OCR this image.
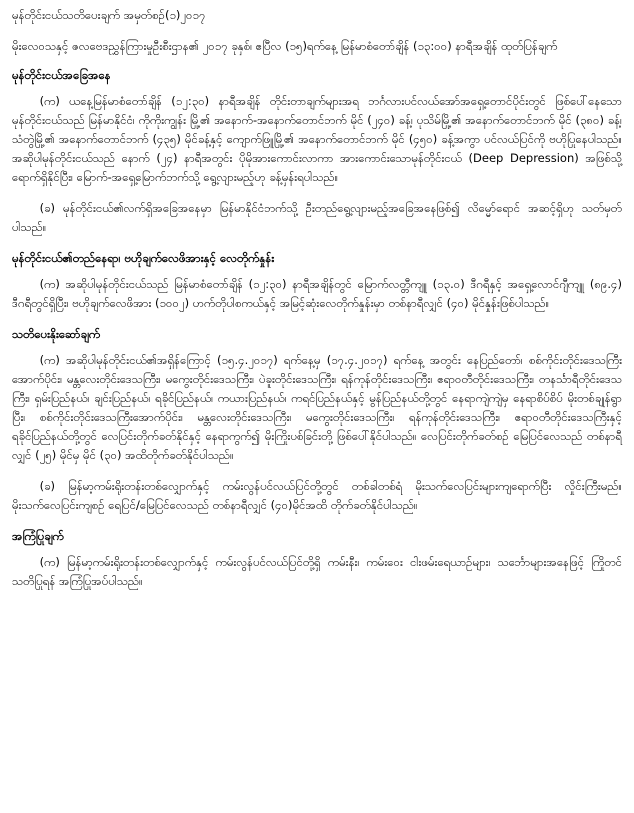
မုန်တိုင်းငယ်သတိပေးချက် အမှတ်စဉ်(၁)၂၀၁၇
မိုးလေဝသနှင့် ဇလဗေဒညွှန်ကြားမှုဦးစီးဌာန၏ ၂၀၁၇ ခုနှစ်၊ ဧပြီလ (၁၅)ရက်နေ့ မြန်မာစံတော်ချိန် (၁၃:၀၀) နာရီအချိန် ထုတ်ပြန်ချက်
မုန်တိုင်းငယ်အခြေအနေ
(က) ယနေ့မြန်မာစံတော်ချိန် (၁၂:၃၀) နာရီအချိန် တိုင်းတာချက်များအရ ဘင်္ဂလားပင်လယ်အော်အရှေ့တောင်ပိုင်းတွင် ဖြစ်ပေါ်နေသော မုန်တိုင်းငယ်သည် မြန်မာနိုင်ငံ၊ ကိုကိုးကျွန်း မြို့၏ အနောက်-အနောက်တောင်ဘက် မိုင် (၂၄၀) ခန့်၊ ပုသိမ်မြို့၏ အနောက်တောင်ဘက် မိုင် (၃၈၀) ခန့်၊ သံတွဲမြို့၏ အနောက်တောင်ဘက် (၄၃၅) မိုင်ခန့်နှင့် ကျောက်ဖြူမြို့၏ အနောက်တောင်ဘက် မိုင် (၄၅၀) ခန့်အကွာ ပင်လယ်ပြင်ကို ဗဟိုပြုနေပါသည်။ အဆိုပါမုန်တိုင်းငယ်သည် နောက် (၂၄) နာရီအတွင်း ပိုမိုအားကောင်းလာကာ အားကောင်းသောမုန်တိုင်းငယ် (Deep Depression) အဖြစ်သို့ ရောက်ရှိနိုင်ပြီး၊ မြောက်-အရှေ့မြောက်ဘက်သို့ ရွေ့လျားမည့်ဟု ခန့်မှန်းရပါသည်။
(ခ) မုန်တိုင်းငယ်၏လက်ရှိအခြေအနေမှာ မြန်မာနိုင်ငံဘက်သို့ ဦးတည်ရွေ့လျားမည့်အခြေအနေဖြစ်၍ လိမ္မော်ရောင် အဆင့်ရှိဟု သတ်မှတ်ပါသည်။
မုန်တိုင်းငယ်၏တည်နေရာ၊ ဗဟိုချက်လေဖိအားနှင့် လေတိုက်နှုန်း
(က) အဆိုပါမုန်တိုင်းငယ်သည် မြန်မာစံတော်ချိန် (၁၂:၃၀) နာရီအချိန်တွင် မြောက်လတ္တီကျူ (၁၃.၀) ဒီဂရီနှင့် အရှေ့လောင်ဂျီကျူ (၈၉.၄) ဒီဂရီတွင်ရှိပြီး၊ ဗဟိုချက်လေဖိအား (၁၀၀၂) ဟက်တိုပါစကယ်နှင့် အမြင့်ဆုံးလေတိုက်နှုန်းမှာ တစ်နာရီလျှင် (၄၀) မိုင်နှုန်းဖြစ်ပါသည်။
သတိပေးနိုးဆော်ချက်
(က) အဆိုပါမုန်တိုင်းငယ်၏အရှိန်ကြောင့် (၁၅.၄.၂၀၁၇) ရက်နေ့မှ (၁၇.၄.၂၀၁၇) ရက်နေ့ အတွင်း နေပြည်တော်၊ စစ်ကိုင်းတိုင်းဒေသကြီးအောက်ပိုင်း၊ မန္တလေးတိုင်းဒေသကြီး၊ မကွေးတိုင်းဒေသကြီး၊ ပဲခူးတိုင်းဒေသကြီး၊ ရန်ကုန်တိုင်းဒေသကြီး၊ ဧရာဝတီတိုင်းဒေသကြီး၊ တနင်္သာရီတိုင်းဒေသကြီး၊ ရှမ်းပြည်နယ်၊ ချင်းပြည်နယ်၊ ရခိုင်ပြည်နယ်၊ ကယားပြည်နယ်၊ ကရင်ပြည်နယ်နှင့် မွန်ပြည်နယ်တို့တွင် နေရာကျဲကျဲမှ နေရာစိပ်စိပ် မိုးတစ်ချုန်ရွာပြီး၊ စစ်ကိုင်းတိုင်းဒေသကြီးအောက်ပိုင်း၊ မန္တလေးတိုင်းဒေသကြီး၊ မကွေးတိုင်းဒေသကြီး၊ ရန်ကုန်တိုင်းဒေသကြီး၊ ဧရာဝတီတိုင်းဒေသကြီးနှင့် ရခိုင်ပြည်နယ်တို့တွင် လေပြင်းတိုက်ခတ်နိုင်နှင့် နေရာကွက်၍ မိုးကြိုးပစ်ခြင်းတို့ ဖြစ်ပေါ်နိုင်ပါသည်။ လေပြင်းတိုက်ခတ်စဉ် မြေပြင်လေသည် တစ်နာရီလျှင် (၂၅) မိုင်မှ မိုင် (၃၀) အထိတိုက်ခတ်နိုင်ပါသည်။
(ခ) မြန်မာ့ကမ်းရိုးတန်းတစ်လျှောက်နှင့် ကမ်းလွန်ပင်လယ်ပြင်တို့တွင် တစ်ခါတစ်ရံ မိုးသက်လေပြင်းများကျရောက်ပြီး လှိုင်းကြီးမည်။ မိုးသက်လေပြင်းကျစဉ် ရေပြင်/မြေပြင်လေသည် တစ်နာရီလျှင် (၄၀)မိုင်အထိ တိုက်ခတ်နိုင်ပါသည်။
အကြံပြုချက်
(က) မြန်မာ့ကမ်းရိုးတန်းတစ်လျှောက်နှင့် ကမ်းလွန်ပင်လယ်ပြင်တို့ရှိ ကမ်းနီး၊ ကမ်းဝေး ငါးဖမ်းရေယာဉ်များ၊ သင်္ဘောများအနေဖြင့် ကြိုတင်သတိပြုရန် အကြံပြုအပ်ပါသည်။
